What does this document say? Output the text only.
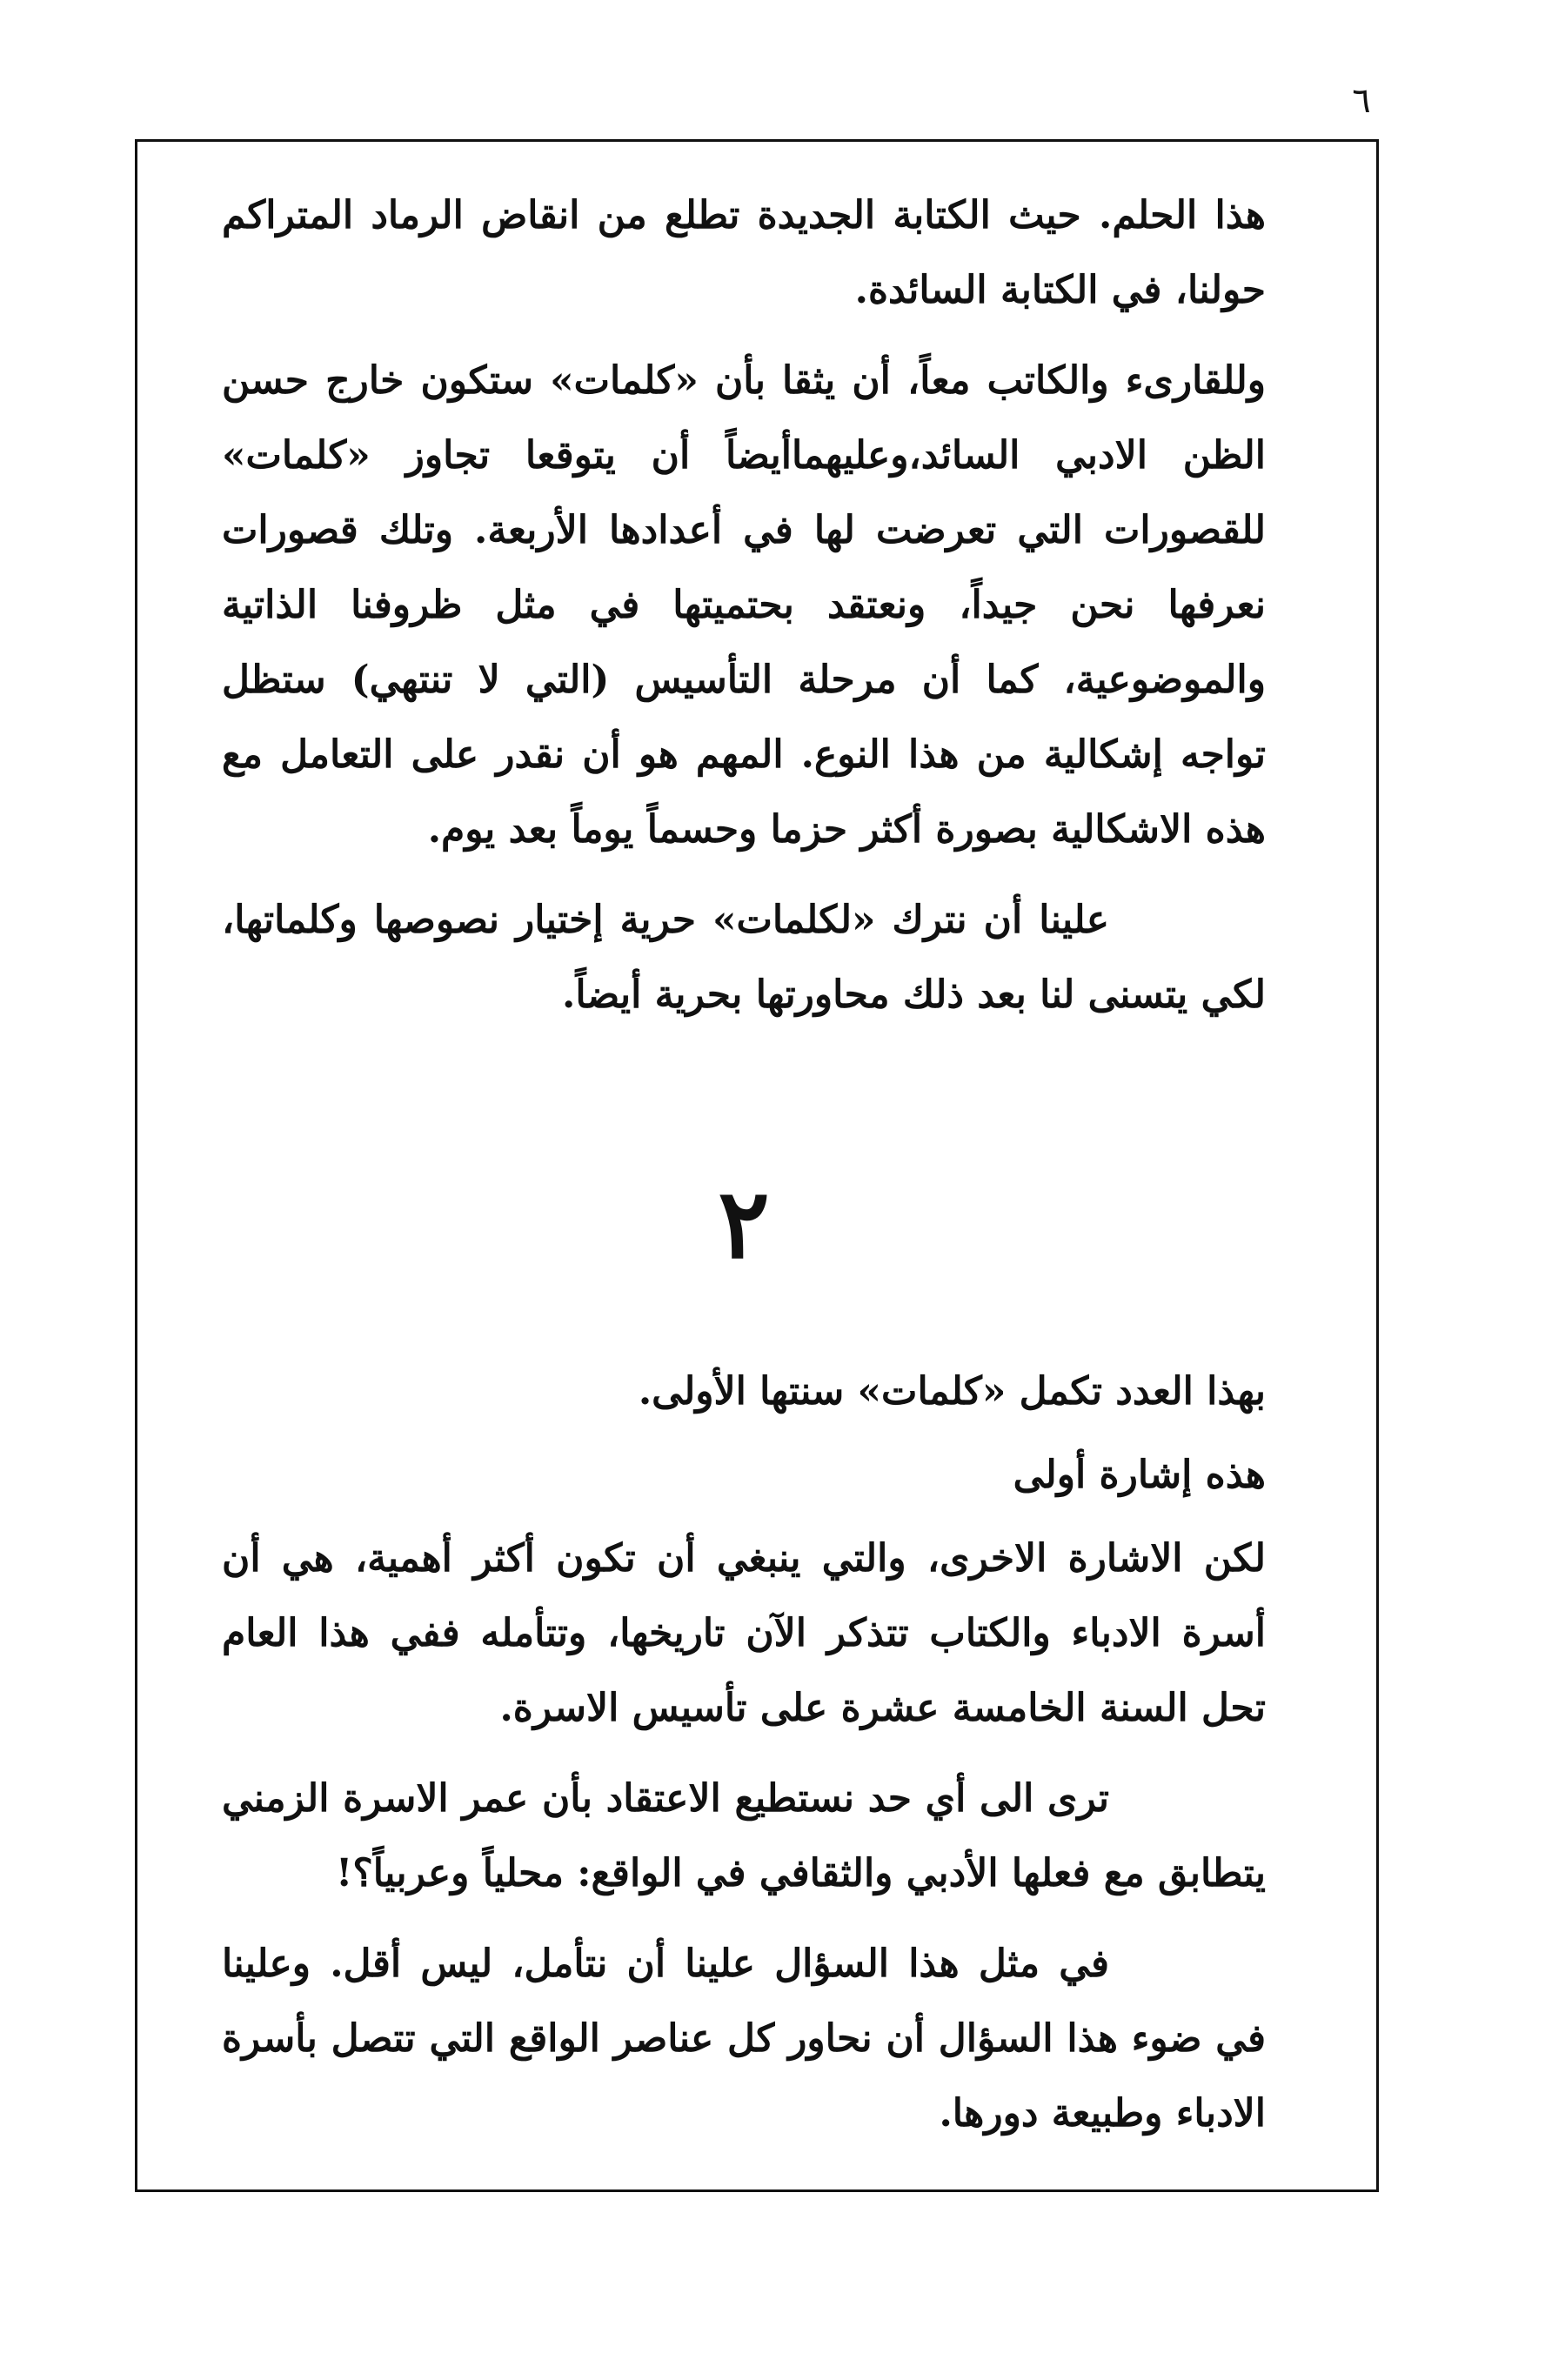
٦

هذا الحلم. حيث الكتابة الجديدة تطلع من انقاض الرماد المتراكم حولنا، في الكتابة السائدة.

وللقارىء والكاتب معاً، أن يثقا بأن «كلمات» ستكون خارج حسن الظن الادبي السائد،وعليهماأيضاً أن يتوقعا تجاوز «كلمات» للقصورات التي تعرضت لها في أعدادها الأربعة. وتلك قصورات نعرفها نحن جيداً، ونعتقد بحتميتها في مثل ظروفنا الذاتية والموضوعية، كما أن مرحلة التأسيس (التي لا تنتهي) ستظل تواجه إشكالية من هذا النوع. المهم هو أن نقدر على التعامل مع هذه الاشكالية بصورة أكثر حزما وحسماً يوماً بعد يوم.

علينا أن نترك «لكلمات» حرية إختيار نصوصها وكلماتها، لكي يتسنى لنا بعد ذلك محاورتها بحرية أيضاً.

٢

بهذا العدد تكمل «كلمات» سنتها الأولى.

هذه إشارة أولى

لكن الاشارة الاخرى، والتي ينبغي أن تكون أكثر أهمية، هي أن أسرة الادباء والكتاب تتذكر الآن تاريخها، وتتأمله ففي هذا العام تحل السنة الخامسة عشرة على تأسيس الاسرة.

ترى الى أي حد نستطيع الاعتقاد بأن عمر الاسرة الزمني يتطابق مع فعلها الأدبي والثقافي في الواقع: محلياً وعربياً؟!

في مثل هذا السؤال علينا أن نتأمل، ليس أقل. وعلينا في ضوء هذا السؤال أن نحاور كل عناصر الواقع التي تتصل بأسرة الادباء وطبيعة دورها.
